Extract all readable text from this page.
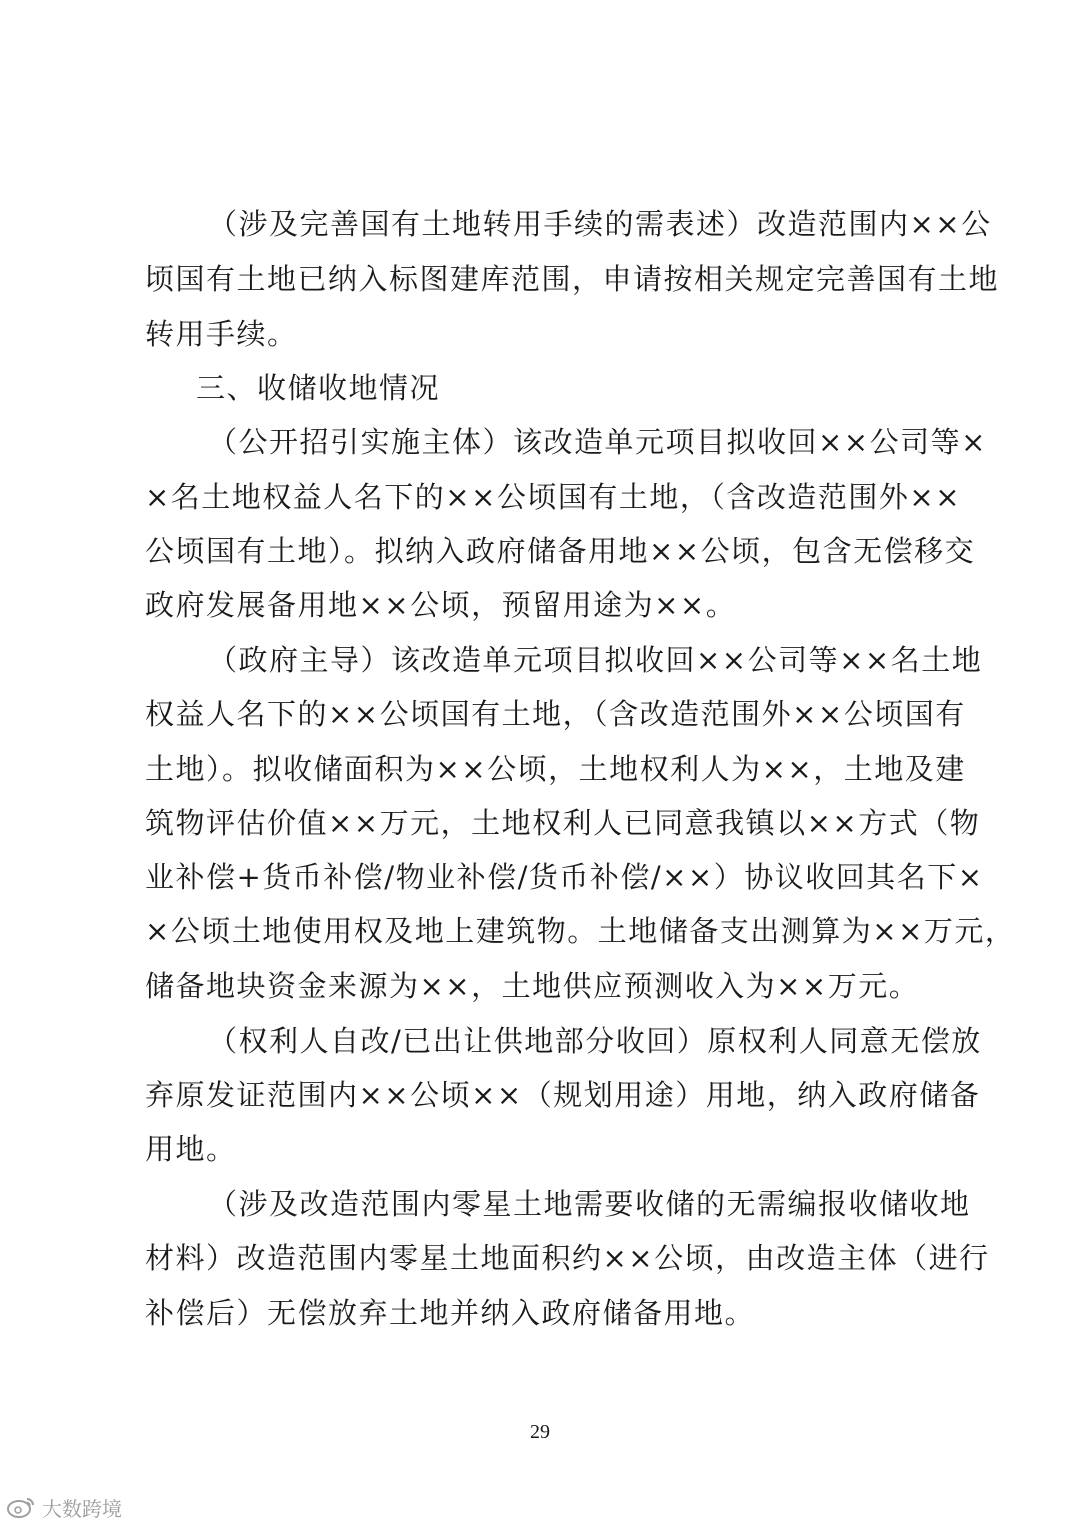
（涉及完善国有土地转用手续的需表述）改造范围内××公
顷国有土地已纳入标图建库范围，申请按相关规定完善国有土地
转用手续。
三、收储收地情况
（公开招引实施主体）该改造单元项目拟收回××公司等×
×名土地权益人名下的××公顷国有土地，（含改造范围外××
公顷国有土地）。拟纳入政府储备用地××公顷，包含无偿移交
政府发展备用地××公顷，预留用途为××。
（政府主导）该改造单元项目拟收回××公司等××名土地
权益人名下的××公顷国有土地，（含改造范围外××公顷国有
土地）。拟收储面积为××公顷，土地权利人为××，土地及建
筑物评估价值××万元，土地权利人已同意我镇以××方式（物
业补偿+货币补偿/物业补偿/货币补偿/××）协议收回其名下×
×公顷土地使用权及地上建筑物。土地储备支出测算为××万元，
储备地块资金来源为××，土地供应预测收入为××万元。
（权利人自改/已出让供地部分收回）原权利人同意无偿放
弃原发证范围内××公顷××（规划用途）用地，纳入政府储备
用地。
（涉及改造范围内零星土地需要收储的无需编报收储收地
材料）改造范围内零星土地面积约××公顷，由改造主体（进行
补偿后）无偿放弃土地并纳入政府储备用地。
29
大数跨境
